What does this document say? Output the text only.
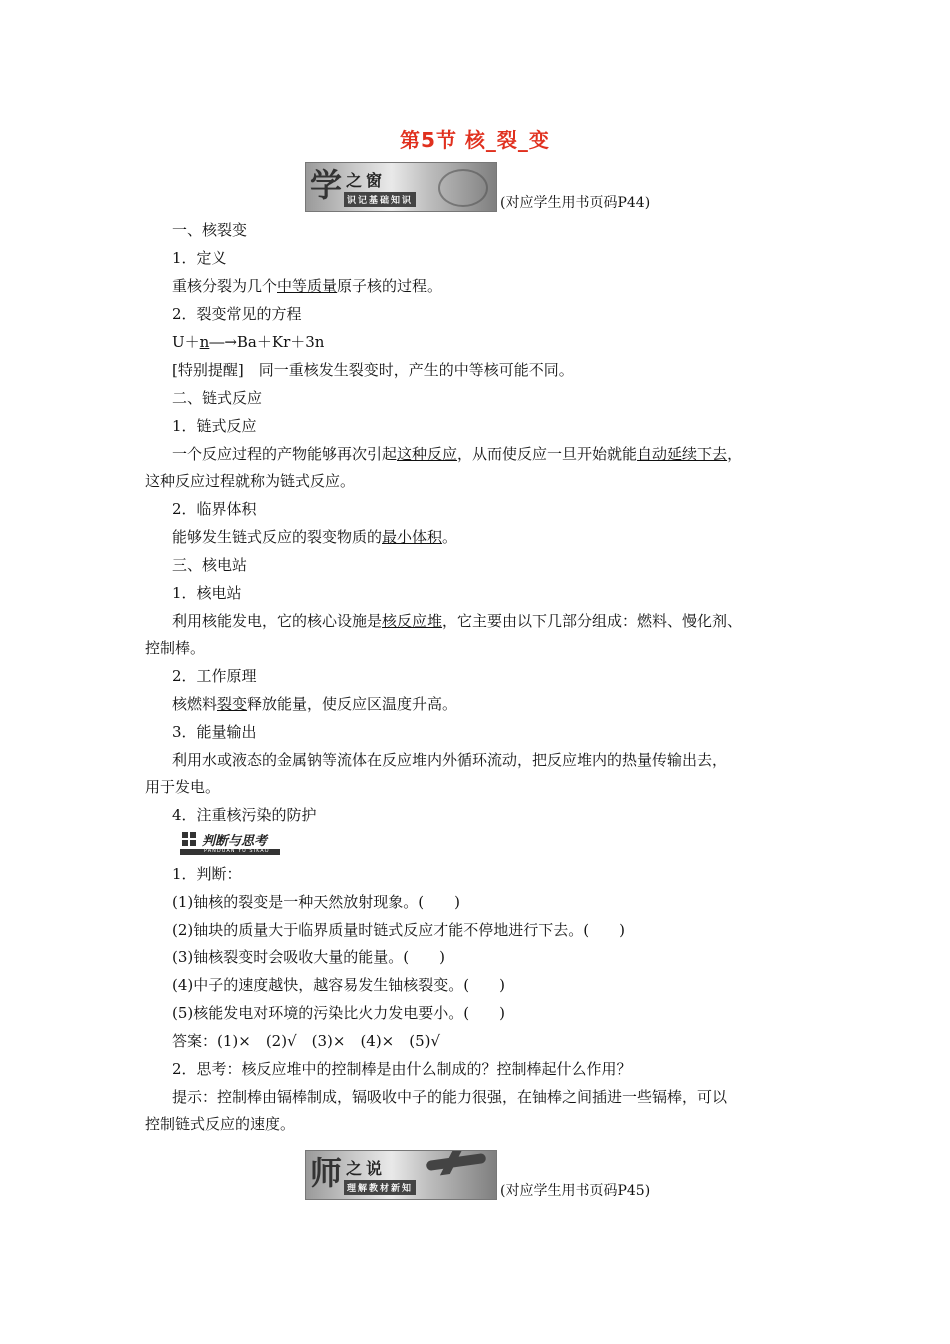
第5节 核_裂_变
学 之窗
识记基础知识	(对应学生用书页码P44)
一、核裂变
1．定义
重核分裂为几个中等质量原子核的过程。
2．裂变常见的方程
U＋n―→Ba＋Kr＋3n
[特别提醒]　同一重核发生裂变时，产生的中等核可能不同。
二、链式反应
1．链式反应
一个反应过程的产物能够再次引起这种反应，从而使反应一旦开始就能自动延续下去，
这种反应过程就称为链式反应。
2．临界体积
能够发生链式反应的裂变物质的最小体积。
三、核电站
1．核电站
利用核能发电，它的核心设施是核反应堆，它主要由以下几部分组成：燃料、慢化剂、
控制棒。
2．工作原理
核燃料裂变释放能量，使反应区温度升高。
3．能量输出
利用水或液态的金属钠等流体在反应堆内外循环流动，把反应堆内的热量传输出去，
用于发电。
4．注重核污染的防护
判断与思考
PANDUAN YU SIKAO
1．判断：
(1)铀核的裂变是一种天然放射现象。(　　)
(2)铀块的质量大于临界质量时链式反应才能不停地进行下去。(　　)
(3)铀核裂变时会吸收大量的能量。(　　)
(4)中子的速度越快，越容易发生铀核裂变。(　　)
(5)核能发电对环境的污染比火力发电要小。(　　)
答案：(1)×　(2)√　(3)×　(4)×　(5)√
2．思考：核反应堆中的控制棒是由什么制成的？控制棒起什么作用？
提示：控制棒由镉棒制成，镉吸收中子的能力很强，在铀棒之间插进一些镉棒，可以
控制链式反应的速度。
师 之说
理解教材新知	(对应学生用书页码P45)
